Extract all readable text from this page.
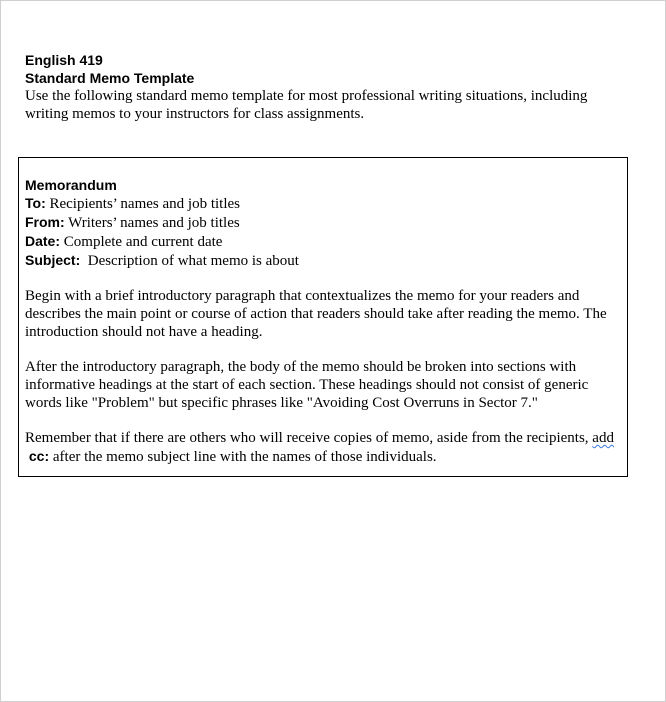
English 419
Standard Memo Template
Use the following standard memo template for most professional writing situations, including writing memos to your instructors for class assignments.
Memorandum
To: Recipients’ names and job titles
From: Writers’ names and job titles
Date: Complete and current date
Subject:  Description of what memo is about
Begin with a brief introductory paragraph that contextualizes the memo for your readers and describes the main point or course of action that readers should take after reading the memo. The introduction should not have a heading.
After the introductory paragraph, the body of the memo should be broken into sections with informative headings at the start of each section. These headings should not consist of generic words like "Problem" but specific phrases like "Avoiding Cost Overruns in Sector 7."
Remember that if there are others who will receive copies of memo, aside from the recipients, add cc: after the memo subject line with the names of those individuals.
